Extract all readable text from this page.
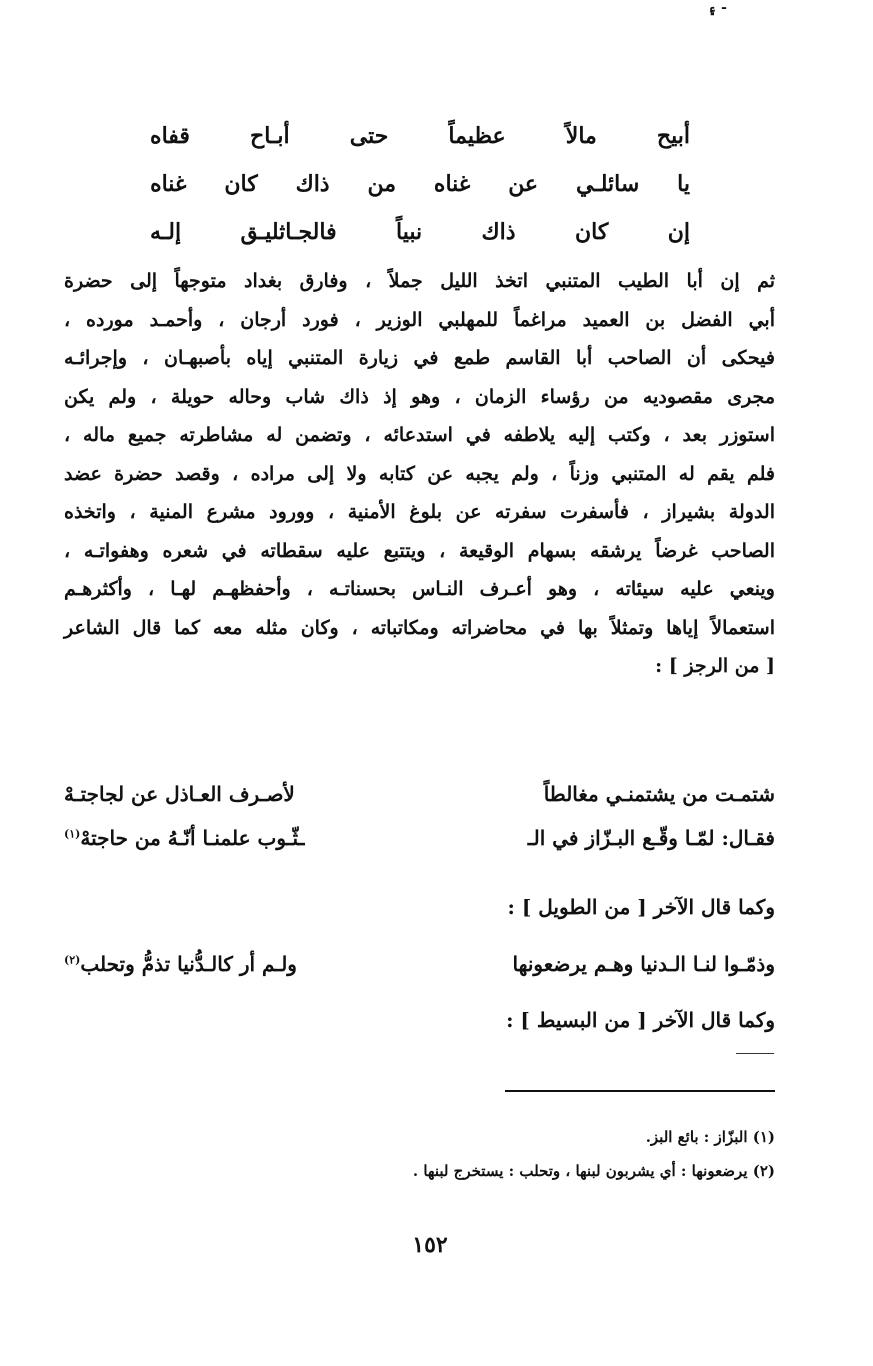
- ۽
أبيح
مالاً
عظيماً
حتى
أبـاح
قفاه
يا
سائلـي
عن
غناه
من
ذاك
كان
غناه
إن
كان
ذاك
نبياً
فالجـاثليـق
إلـه
ثم إن أبا الطيب المتنبي اتخذ الليل جملاً ، وفارق بغداد متوجهاً إلى حضرة
أبي الفضل بن العميد مراغماً للمهلبي الوزير ، فورد أرجان ، وأحمـد مورده ،
فيحكى أن الصاحب أبا القاسم طمع في زيارة المتنبي إياه بأصبهـان ، وإجرائـه
مجرى مقصوديه من رؤساء الزمان ، وهو إذ ذاك شاب وحاله حويلة ، ولم يكن
استوزر بعد ، وكتب إليه يلاطفه في استدعائه ، وتضمن له مشاطرته جميع ماله ،
فلم يقم له المتنبي وزناً ، ولم يجبه عن كتابه ولا إلى مراده ، وقصد حضرة عضد
الدولة بشيراز ، فأسفرت سفرته عن بلوغ الأمنية ، وورود مشرع المنية ، واتخذه
الصاحب غرضاً يرشقه بسهام الوقيعة ، ويتتبع عليه سقطاته في شعره وهفواتـه ،
وينعي عليه سيئاته ، وهو أعـرف النـاس بحسناتـه ، وأحفظهـم لهـا ، وأكثرهـم
استعمالاً إياها وتمثلاً بها في محاضراته ومكاتباته ، وكان مثله معه كما قال الشاعر
[ من الرجز ] :
شتمـت من يشتمنـي مغالطاً
لأصـرف العـاذل عن لجاجتـهْ
فقـال: لمّـا وقّـع البـزّاز في الـ
ـثّـوب علمنـا أنّـهُ من حاجتهْ$^{(١)}$
وكما قال الآخر [ من الطويل ] :
وذمّـوا لنـا الـدنيا وهـم يرضعونها
ولـم أر كالـدُّنيا تذمُّ وتحلب$^{(٢)}$
وكما قال الآخر [ من البسيط ] :
(١) البزّاز : بائع البز.
(٢) يرضعونها : أي يشربون لبنها ، وتحلب : يستخرج لبنها .
١٥٢
